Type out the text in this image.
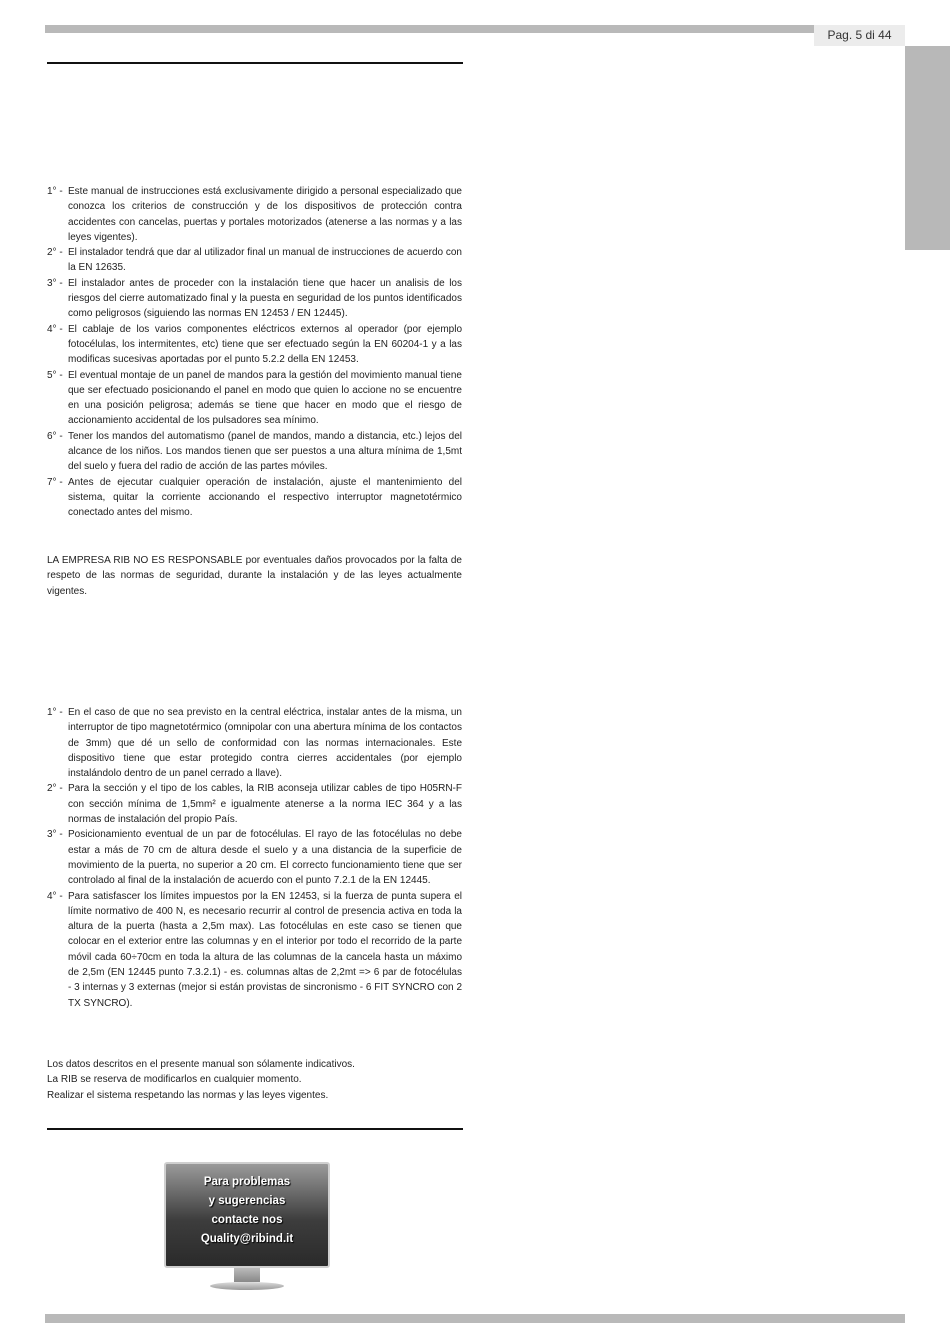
Pag. 5 di 44
1° - Este manual de instrucciones está exclusivamente dirigido a personal especializado que conozca los criterios de construcción y de los dispositivos de protección contra accidentes con cancelas, puertas y portales motorizados (atenerse a las normas y a las leyes vigentes).
2° - El instalador tendrá que dar al utilizador final un manual de instrucciones de acuerdo con la EN 12635.
3° - El instalador antes de proceder con la instalación tiene que hacer un analisis de los riesgos del cierre automatizado final y la puesta en seguridad de los puntos identificados como peligrosos (siguiendo las normas EN 12453 / EN 12445).
4° - El cablaje de los varios componentes eléctricos externos al operador (por ejemplo fotocélulas, los intermitentes, etc) tiene que ser efectuado según la EN 60204-1 y a las modificas sucesivas aportadas por el punto 5.2.2 della EN 12453.
5° - El eventual montaje de un panel de mandos para la gestión del movimiento manual tiene que ser efectuado posicionando el panel en modo que quien lo accione no se encuentre en una posición peligrosa; además se tiene que hacer en modo que el riesgo de accionamiento accidental de los pulsadores sea mínimo.
6° - Tener los mandos del automatismo (panel de mandos, mando a distancia, etc.) lejos del alcance de los niños. Los mandos tienen que ser puestos a una altura mínima de 1,5mt del suelo y fuera del radio de acción de las partes móviles.
7° - Antes de ejecutar cualquier operación de instalación, ajuste el mantenimiento del sistema, quitar la corriente accionando el respectivo interruptor magnetotérmico conectado antes del mismo.

LA EMPRESA RIB NO ES RESPONSABLE por eventuales daños provocados por la falta de respeto de las normas de seguridad, durante la instalación y de las leyes actualmente vigentes.

1° - En el caso de que no sea previsto en la central eléctrica, instalar antes de la misma, un interruptor de tipo magnetotérmico (omnipolar con una abertura mínima de los contactos de 3mm) que dé un sello de conformidad con las normas internacionales. Este dispositivo tiene que estar protegido contra cierres accidentales (por ejemplo instalándolo dentro de un panel cerrado a llave).
2° - Para la sección y el tipo de los cables, la RIB aconseja utilizar cables de tipo H05RN-F con sección mínima de 1,5mm² e igualmente atenerse a la norma IEC 364 y a las normas de instalación del propio País.
3° - Posicionamiento eventual de un par de fotocélulas. El rayo de las fotocélulas no debe estar a más de 70 cm de altura desde el suelo y a una distancia de la superficie de movimiento de la puerta, no superior a 20 cm. El correcto funcionamiento tiene que ser controlado al final de la instalación de acuerdo con el punto 7.2.1 de la EN 12445.
4° - Para satisfascer los límites impuestos por la EN 12453, si la fuerza de punta supera el límite normativo de 400 N, es necesario recurrir al control de presencia activa en toda la altura de la puerta (hasta a 2,5m max). Las fotocélulas en este caso se tienen que colocar en el exterior entre las columnas y en el interior por todo el recorrido de la parte móvil cada 60÷70cm en toda la altura de las columnas de la cancela hasta un máximo de 2,5m (EN 12445 punto 7.3.2.1) - es. columnas altas de 2,2mt => 6 par de fotocélulas - 3 internas y 3 externas (mejor si están provistas de sincronismo - 6 FIT SYNCRO con 2 TX SYNCRO).
Los datos descritos en el presente manual son sólamente indicativos.
La RIB se reserva de modificarlos en cualquier momento.
Realizar el sistema respetando las normas y las leyes vigentes.
Para problemas
y sugerencias
contacte nos
Quality@ribind.it
